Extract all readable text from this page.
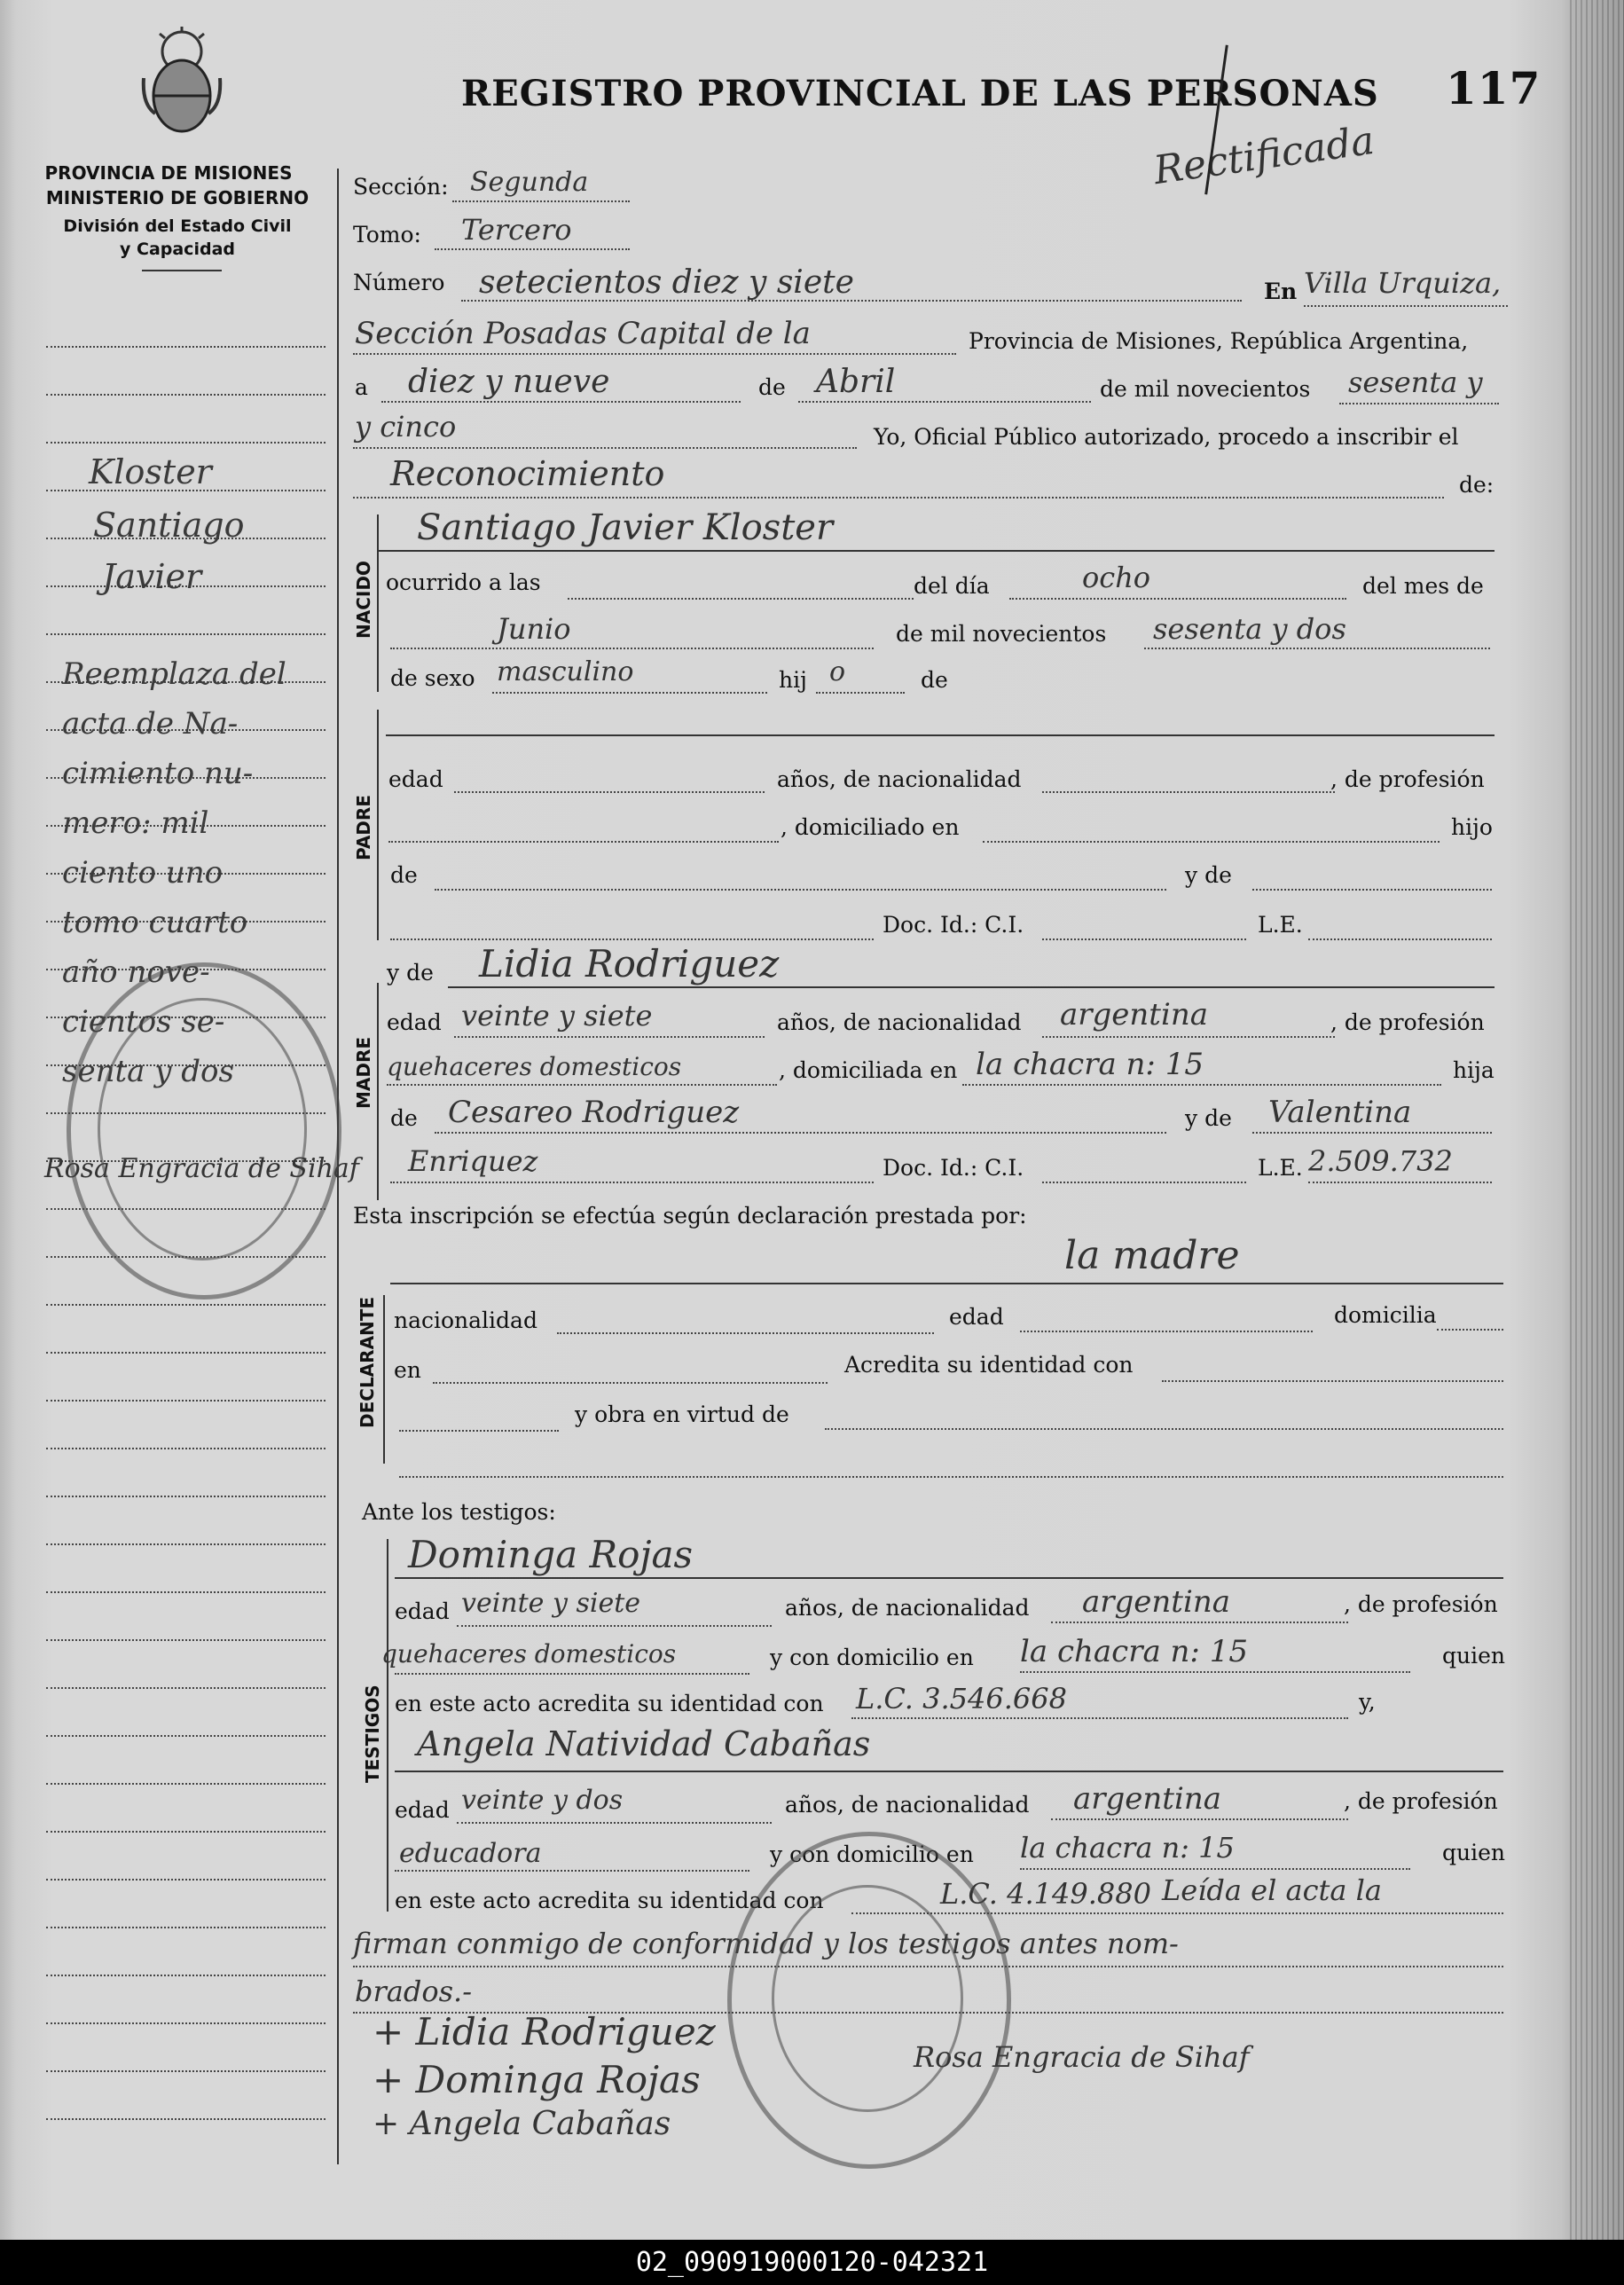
REGISTRO PROVINCIAL DE LAS PERSONAS 117
Rectificada
PROVINCIA DE MISIONES
MINISTERIO DE GOBIERNO
División del Estado Civil
y Capacidad
Kloster
Santiago
Javier
Reemplaza del
acta de Na-
cimiento nu-
mero: mil
ciento uno
tomo cuarto
año nove-
cientos se-
senta y dos
Rosa Engracia de Sihaf
Sección: Segunda
Tomo: Tercero
Número setecientos diez y siete	En Villa Urquiza,
Sección Posadas Capital de la	Provincia de Misiones, República Argentina,
a diez y nueve	de Abril	de mil novecientos sesenta y
y cinco	Yo, Oficial Público autorizado, procedo a inscribir el
Reconocimiento	de:
NACIDO
Santiago Javier Kloster
ocurrido a las	del día	ocho	del mes de
Junio	de mil novecientos sesenta y dos
de sexo masculino	hij o	de
PADRE
edad	años, de nacionalidad	, de profesión
, domiciliado en	hijo
de	y de
Doc. Id.: C.I.	L.E.
MADRE
y de Lidia Rodriguez
edad veinte y siete	años, de nacionalidad argentina	, de profesión
quehaceres domesticos	, domiciliada en la chacra n: 15	hija
de Cesareo Rodriguez	y de Valentina
Enriquez	Doc. Id.: C.I.	L.E. 2.509.732
Esta inscripción se efectúa según declaración prestada por:
la madre
DECLARANTE nacionalidad	edad	domicilia
en	Acredita su identidad con
y obra en virtud de
Ante los testigos:
TESTIGOS
Dominga Rojas
edad veinte y siete	años, de nacionalidad argentina	, de profesión
quehaceres domesticos	y con domicilio en la chacra n: 15	quien
en este acto acredita su identidad con L.C. 3.546.668	y,
Angela Natividad Cabañas
edad veinte y dos	años, de nacionalidad argentina	, de profesión
educadora	y con domicilio en la chacra n: 15	quien
en este acto acredita su identidad con	L.C. 4.149.880 Leída el acta la
firman conmigo de conformidad y los testigos antes nom-
brados.-
+ Lidia Rodriguez
+ Dominga Rojas
+ Angela Cabañas
Rosa Engracia de Sihaf
02_090919000120-042321
